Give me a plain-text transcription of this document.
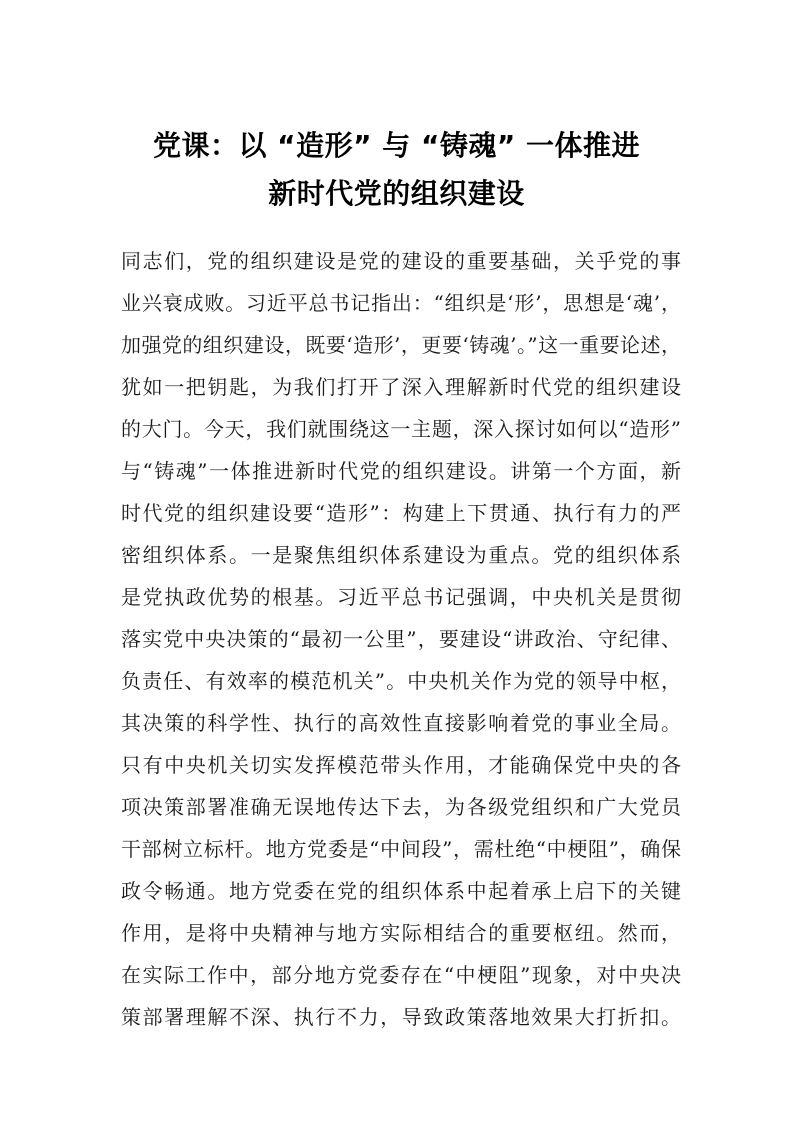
党课：以 “造形” 与 “铸魂” 一体推进
新时代党的组织建设
同志们，党的组织建设是党的建设的重要基础，关乎党的事
业兴衰成败。习近平总书记指出：“组织是‘形’，思想是‘魂’，
加强党的组织建设，既要‘造形’，更要‘铸魂’。”这一重要论述，
犹如一把钥匙，为我们打开了深入理解新时代党的组织建设
的大门。今天，我们就围绕这一主题，深入探讨如何以“造形”
与“铸魂”一体推进新时代党的组织建设。讲第一个方面，新
时代党的组织建设要“造形”：构建上下贯通、执行有力的严
密组织体系。一是聚焦组织体系建设为重点。党的组织体系
是党执政优势的根基。习近平总书记强调，中央机关是贯彻
落实党中央决策的“最初一公里”，要建设“讲政治、守纪律、
负责任、有效率的模范机关”。中央机关作为党的领导中枢，
其决策的科学性、执行的高效性直接影响着党的事业全局。
只有中央机关切实发挥模范带头作用，才能确保党中央的各
项决策部署准确无误地传达下去，为各级党组织和广大党员
干部树立标杆。地方党委是“中间段”，需杜绝“中梗阻”，确保
政令畅通。地方党委在党的组织体系中起着承上启下的关键
作用，是将中央精神与地方实际相结合的重要枢纽。然而，
在实际工作中，部分地方党委存在“中梗阻”现象，对中央决
策部署理解不深、执行不力，导致政策落地效果大打折扣。
